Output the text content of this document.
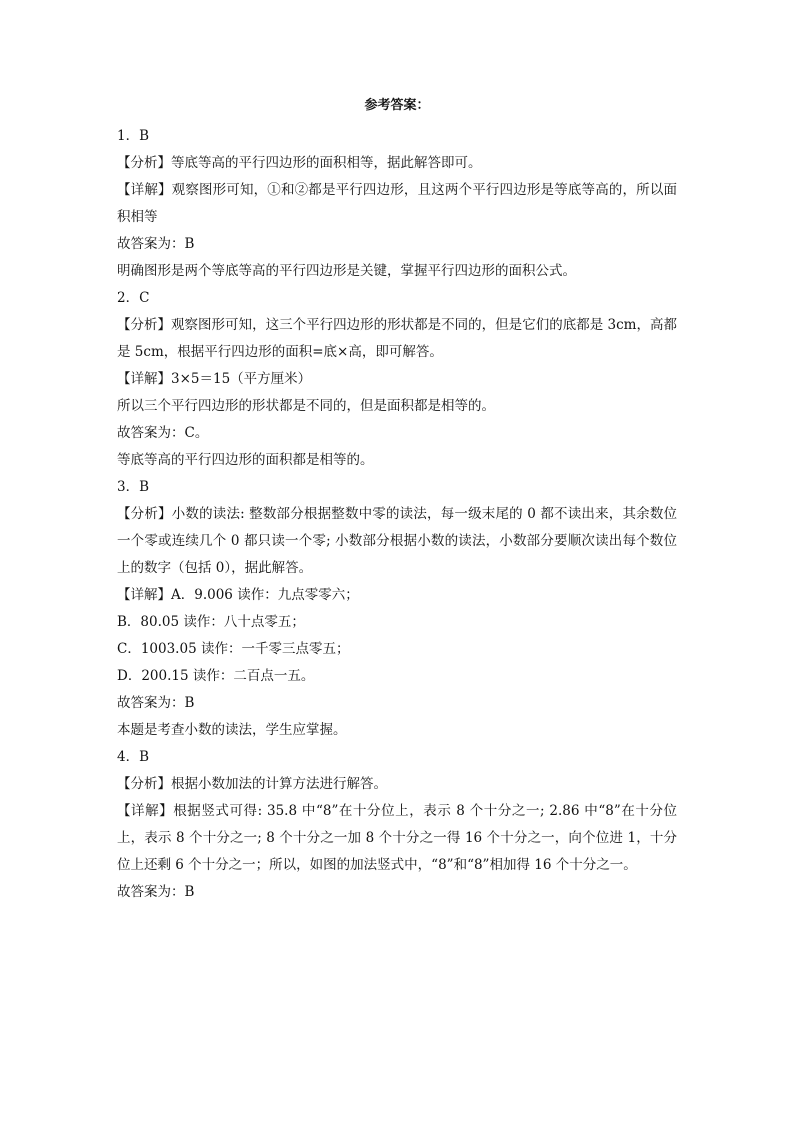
参考答案：
1．B
【分析】等底等高的平行四边形的面积相等，据此解答即可。
【详解】观察图形可知，①和②都是平行四边形，且这两个平行四边形是等底等高的，所以面积相等
故答案为：B
明确图形是两个等底等高的平行四边形是关键，掌握平行四边形的面积公式。
2．C
【分析】观察图形可知，这三个平行四边形的形状都是不同的，但是它们的底都是 3cm，高都是 5cm，根据平行四边形的面积=底×高，即可解答。
【详解】3×5＝15（平方厘米）
所以三个平行四边形的形状都是不同的，但是面积都是相等的。
故答案为：C。
等底等高的平行四边形的面积都是相等的。
3．B
【分析】小数的读法: 整数部分根据整数中零的读法，每一级末尾的 0 都不读出来，其余数位一个零或连续几个 0 都只读一个零; 小数部分根据小数的读法，小数部分要顺次读出每个数位上的数字（包括 0），据此解答。
【详解】A．9.006 读作：九点零零六；
B．80.05 读作：八十点零五；
C．1003.05 读作：一千零三点零五；
D．200.15 读作：二百点一五。
故答案为：B
本题是考查小数的读法，学生应掌握。
4．B
【分析】根据小数加法的计算方法进行解答。
【详解】根据竖式可得: 35.8 中“8”在十分位上，表示 8 个十分之一; 2.86 中“8”在十分位上，表示 8 个十分之一; 8 个十分之一加 8 个十分之一得 16 个十分之一，向个位进 1，十分位上还剩 6 个十分之一；所以，如图的加法竖式中，“8”和“8”相加得 16 个十分之一。
故答案为：B
